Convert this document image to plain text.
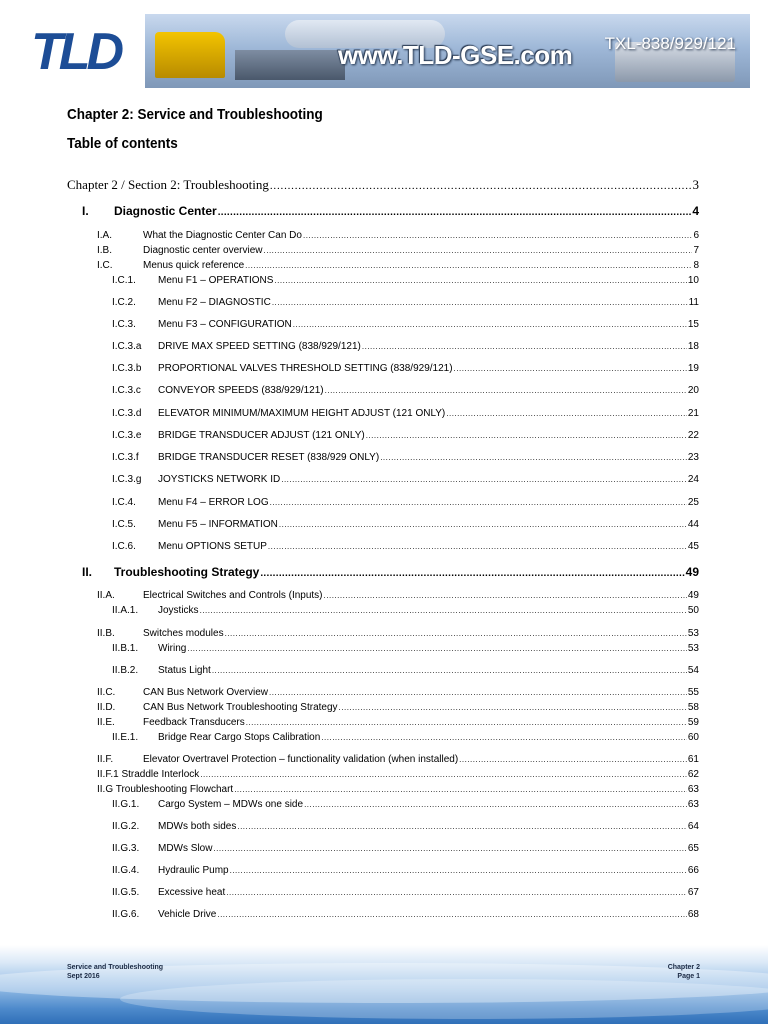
TLD	www.TLD-GSE.com TXL-838/929/121
Chapter 2: Service and Troubleshooting
Table of contents
Chapter 2 / Section 2: Troubleshooting .....	3
I.	Diagnostic Center .....	4
I.A.	What the Diagnostic Center Can Do .....	6
I.B.	Diagnostic center overview .....	7
I.C.	Menus quick reference .....	8
I.C.1.	Menu F1 – OPERATIONS .....	10
I.C.2.	Menu F2 – DIAGNOSTIC .....	11
I.C.3.	Menu F3 – CONFIGURATION .....	15
I.C.3.a	DRIVE MAX SPEED SETTING (838/929/121) .....	18
I.C.3.b	PROPORTIONAL VALVES THRESHOLD SETTING (838/929/121) .....	19
I.C.3.c	CONVEYOR SPEEDS (838/929/121) .....	20
I.C.3.d	ELEVATOR MINIMUM/MAXIMUM HEIGHT ADJUST (121 ONLY) .....	21
I.C.3.e	BRIDGE TRANSDUCER ADJUST (121 ONLY) .....	22
I.C.3.f	BRIDGE TRANSDUCER RESET (838/929 ONLY) .....	23
I.C.3.g	JOYSTICKS NETWORK ID .....	24
I.C.4.	Menu F4 – ERROR LOG .....	25
I.C.5.	Menu F5 – INFORMATION .....	44
I.C.6.	Menu OPTIONS SETUP .....	45
II.	Troubleshooting Strategy .....	49
II.A.	Electrical Switches and Controls (Inputs) .....	49
II.A.1.	Joysticks .....	50
II.B.	Switches modules .....	53
II.B.1.	Wiring .....	53
II.B.2.	Status Light .....	54
II.C.	CAN Bus Network Overview .....	55
II.D.	CAN Bus Network Troubleshooting Strategy .....	58
II.E.	Feedback Transducers .....	59
II.E.1.	Bridge Rear Cargo Stops Calibration .....	60
II.F.	Elevator Overtravel Protection – functionality validation (when installed) .....	61
II.F.1 Straddle Interlock .....	62
II.G Troubleshooting Flowchart .....	63
II.G.1.	Cargo System – MDWs one side .....	63
II.G.2.	MDWs both sides .....	64
II.G.3.	MDWs Slow .....	65
II.G.4.	Hydraulic Pump .....	66
II.G.5.	Excessive heat .....	67
II.G.6.	Vehicle Drive .....	68
Service and Troubleshooting
Sept 2016
Chapter 2
Page 1
